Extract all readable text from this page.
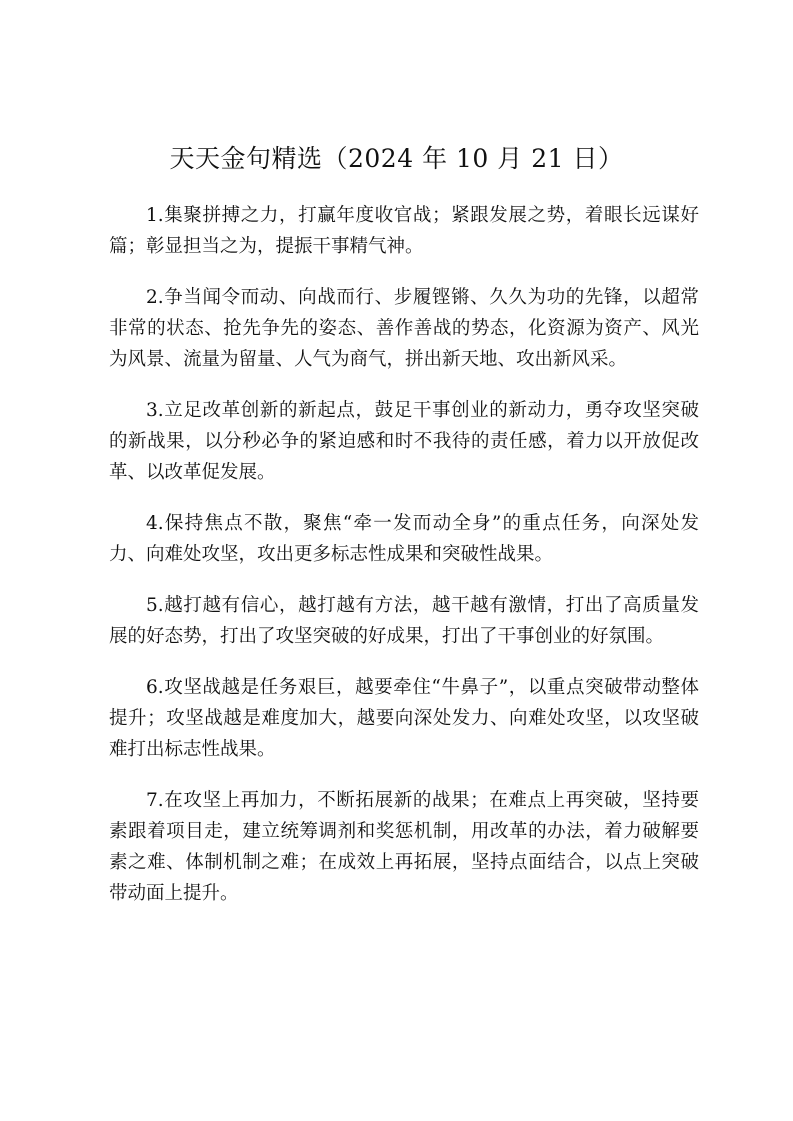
天天金句精选（2024 年 10 月 21 日）

1.集聚拼搏之力，打赢年度收官战；紧跟发展之势，着眼长远谋好篇；彰显担当之为，提振干事精气神。

2.争当闻令而动、向战而行、步履铿锵、久久为功的先锋，以超常非常的状态、抢先争先的姿态、善作善战的势态，化资源为资产、风光为风景、流量为留量、人气为商气，拼出新天地、攻出新风采。

3.立足改革创新的新起点，鼓足干事创业的新动力，勇夺攻坚突破的新战果，以分秒必争的紧迫感和时不我待的责任感，着力以开放促改革、以改革促发展。

4.保持焦点不散，聚焦“牵一发而动全身”的重点任务，向深处发力、向难处攻坚，攻出更多标志性成果和突破性战果。

5.越打越有信心，越打越有方法，越干越有激情，打出了高质量发展的好态势，打出了攻坚突破的好成果，打出了干事创业的好氛围。

6.攻坚战越是任务艰巨，越要牵住“牛鼻子”，以重点突破带动整体提升；攻坚战越是难度加大，越要向深处发力、向难处攻坚，以攻坚破难打出标志性战果。

7.在攻坚上再加力，不断拓展新的战果；在难点上再突破，坚持要素跟着项目走，建立统筹调剂和奖惩机制，用改革的办法，着力破解要素之难、体制机制之难；在成效上再拓展，坚持点面结合，以点上突破带动面上提升。
